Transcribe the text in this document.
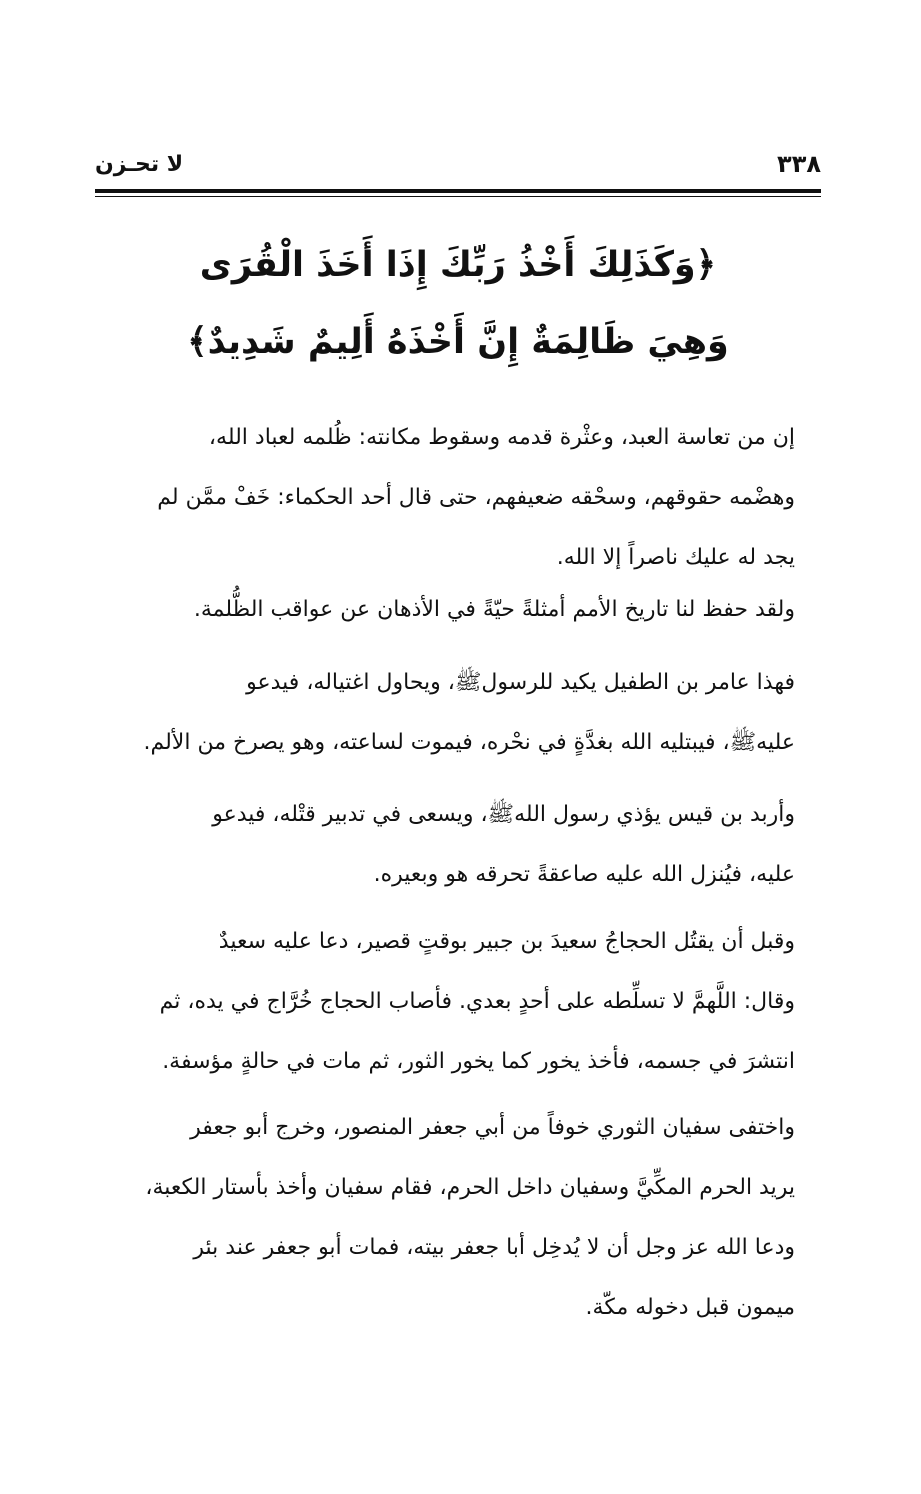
٣٣٨
لا تحـزن
﴿وَكَذَلِكَ أَخْذُ رَبِّكَ إِذَا أَخَذَ الْقُرَى
وَهِيَ ظَالِمَةٌ إِنَّ أَخْذَهُ أَلِيمٌ شَدِيدٌ﴾

إن من تعاسة العبد، وعثْرة قدمه وسقوط مكانته: ظُلمه لعباد الله،
وهضْمه حقوقهم، وسحْقه ضعيفهم، حتى قال أحد الحكماء: خَفْ ممَّن لم
يجد له عليك ناصراً إلا الله.

ولقد حفظ لنا تاريخ الأمم أمثلةً حيّةً في الأذهان عن عواقب الظُّلمة.

فهذا عامر بن الطفيل يكيد للرسولﷺ، ويحاول اغتياله، فيدعو
عليهﷺ، فيبتليه الله بغدَّةٍ في نحْره، فيموت لساعته، وهو يصرخ من الألم.

وأربد بن قيس يؤذي رسول اللهﷺ، ويسعى في تدبير قتْله، فيدعو
عليه، فيُنزل الله عليه صاعقةً تحرقه هو وبعيره.

وقبل أن يقتُل الحجاجُ سعيدَ بن جبير بوقتٍ قصير، دعا عليه سعيدٌ
وقال: اللَّهمَّ لا تسلِّطه على أحدٍ بعدي. فأصاب الحجاج خُرَّاج في يده، ثم
انتشرَ في جسمه، فأخذ يخور كما يخور الثور، ثم مات في حالةٍ مؤسفة.

واختفى سفيان الثوري خوفاً من أبي جعفر المنصور، وخرج أبو جعفر
يريد الحرم المكِّيَّ وسفيان داخل الحرم، فقام سفيان وأخذ بأستار الكعبة،
ودعا الله عز وجل أن لا يُدخِل أبا جعفر بيته، فمات أبو جعفر عند بئر
ميمون قبل دخوله مكّة.
